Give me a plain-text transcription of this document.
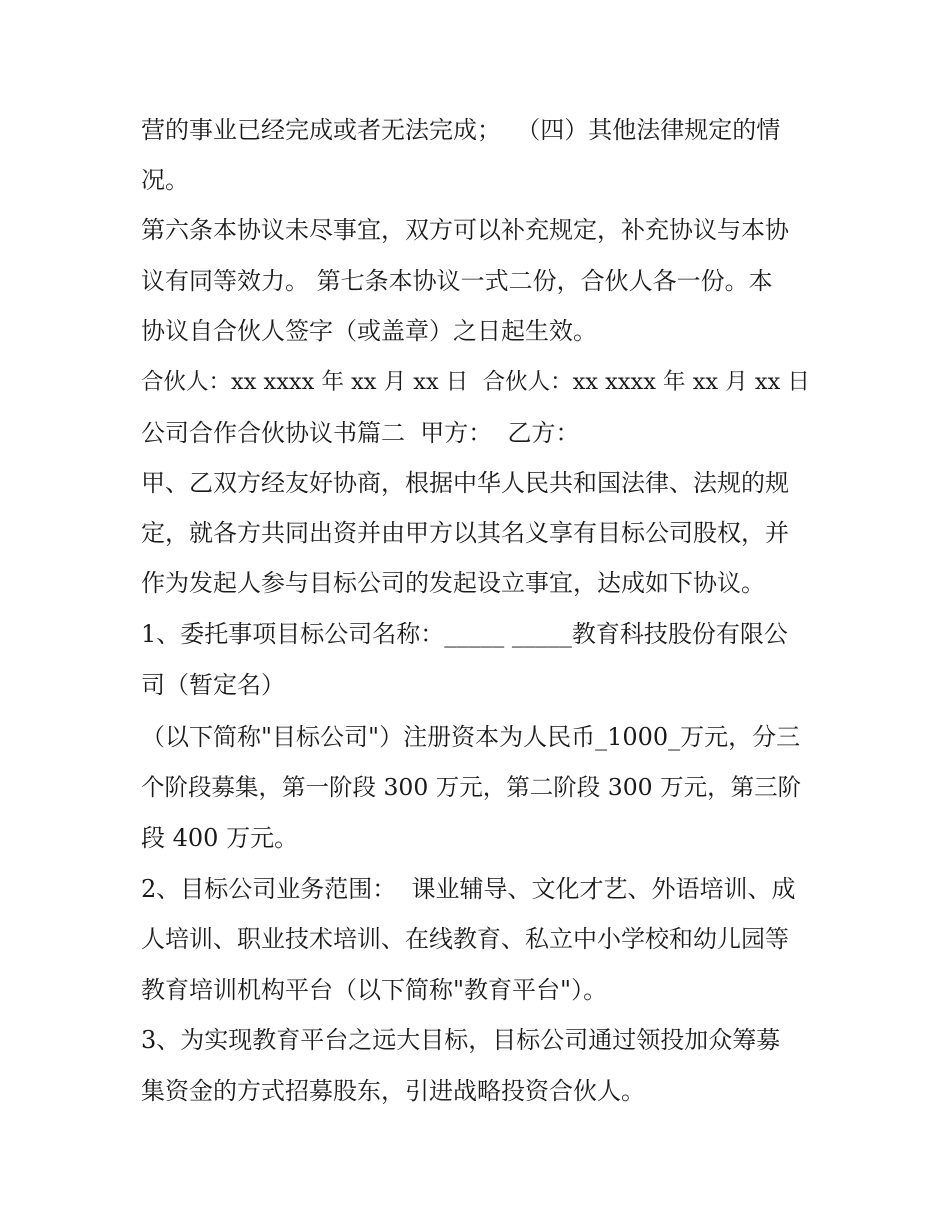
营的事业已经完成或者无法完成；  （四）其他法律规定的情
况。
第六条本协议未尽事宜，双方可以补充规定，补充协议与本协
议有同等效力。 第七条本协议一式二份，合伙人各一份。本
协议自合伙人签字（或盖章）之日起生效。
合伙人：xx xxxx 年 xx 月 xx 日  合伙人：xx xxxx 年 xx 月 xx 日
公司合作合伙协议书篇二  甲方：  乙方：
甲、乙双方经友好协商，根据中华人民共和国法律、法规的规
定，就各方共同出资并由甲方以其名义享有目标公司股权，并
作为发起人参与目标公司的发起设立事宜，达成如下协议。
1、委托事项目标公司名称：_____ _____教育科技股份有限公
司（暂定名）
（以下简称"目标公司"）注册资本为人民币_1000_万元，分三
个阶段募集，第一阶段 300 万元，第二阶段 300 万元，第三阶
段 400 万元。
2、目标公司业务范围：  课业辅导、文化才艺、外语培训、成
人培训、职业技术培训、在线教育、私立中小学校和幼儿园等
教育培训机构平台（以下简称"教育平台"）。
3、为实现教育平台之远大目标，目标公司通过领投加众筹募
集资金的方式招募股东，引进战略投资合伙人。
